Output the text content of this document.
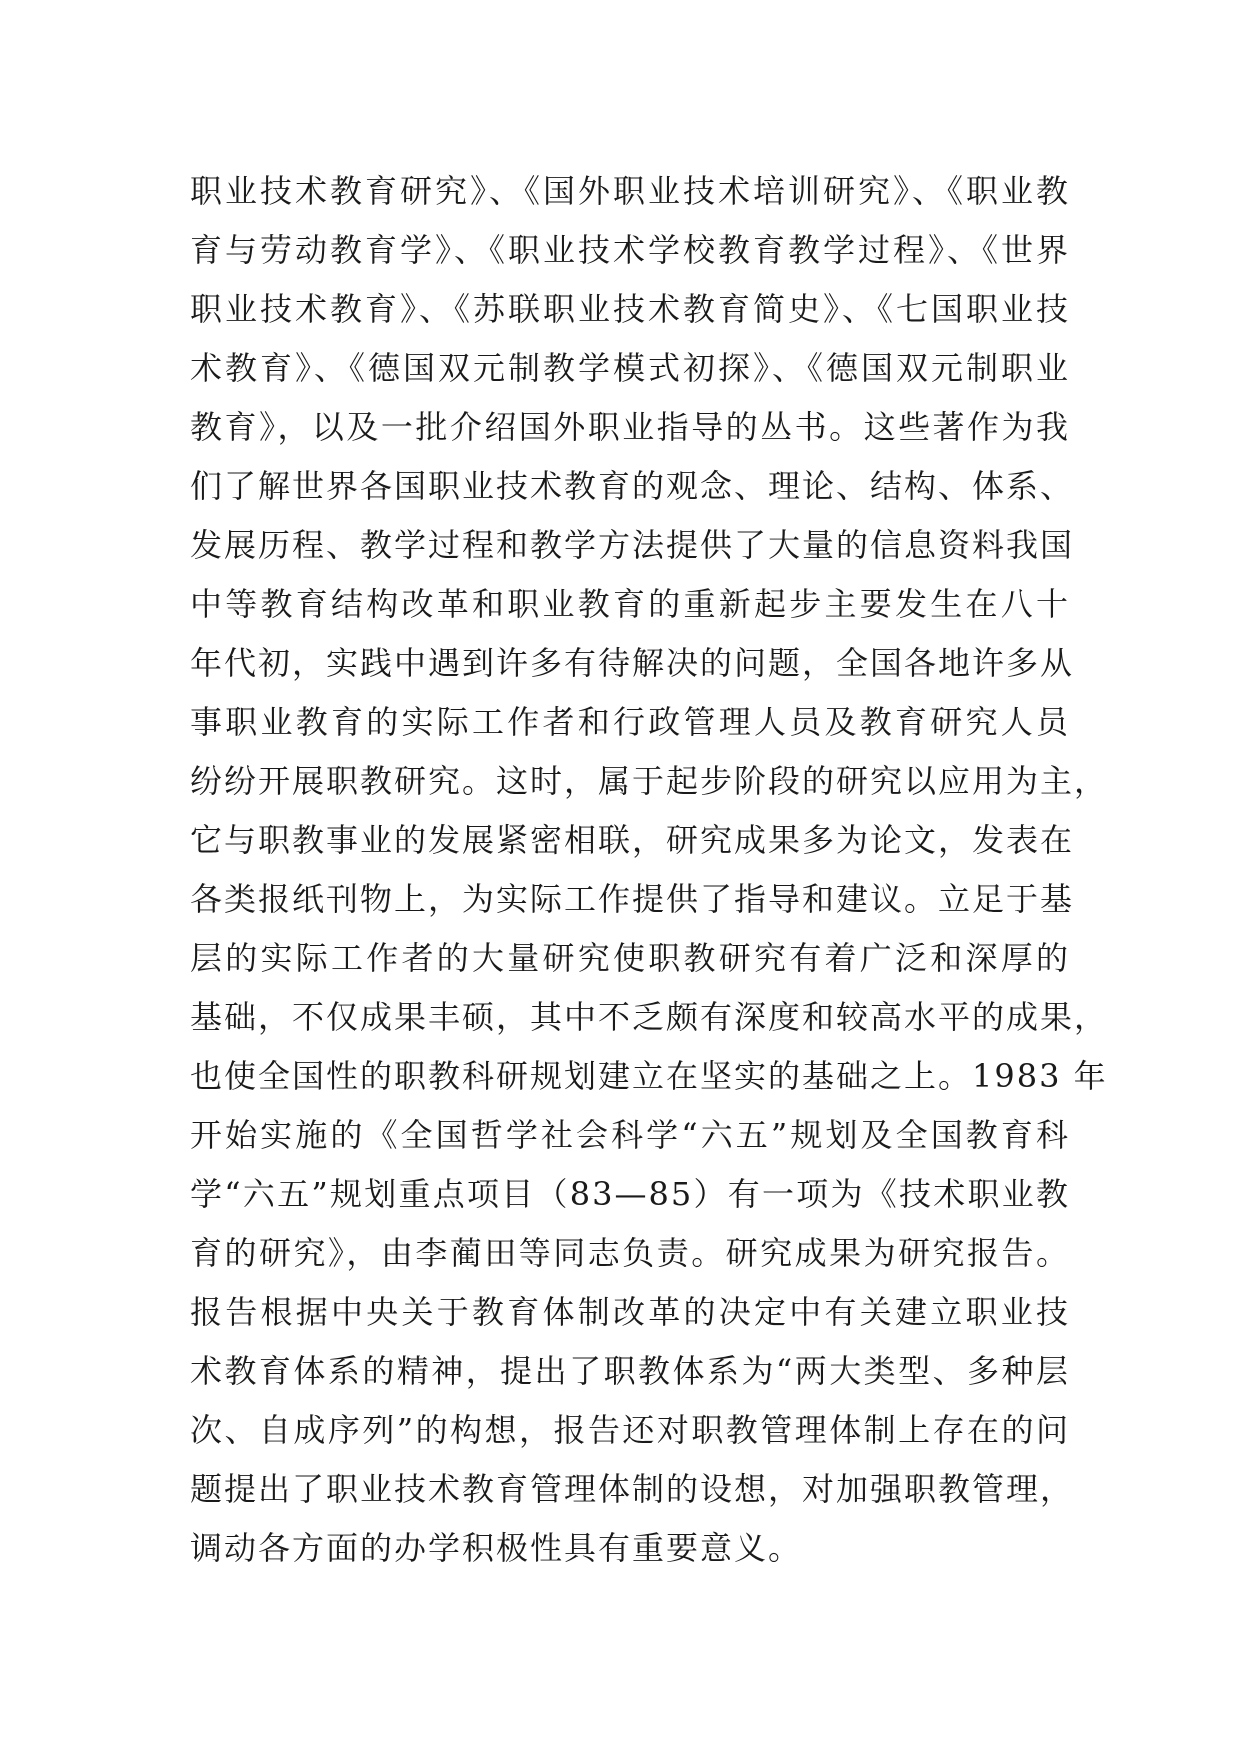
职业技术教育研究》、《国外职业技术培训研究》、《职业教
育与劳动教育学》、《职业技术学校教育教学过程》、《世界
职业技术教育》、《苏联职业技术教育简史》、《七国职业技
术教育》、《德国双元制教学模式初探》、《德国双元制职业
教育》，以及一批介绍国外职业指导的丛书。这些著作为我
们了解世界各国职业技术教育的观念、理论、结构、体系、
发展历程、教学过程和教学方法提供了大量的信息资料我国
中等教育结构改革和职业教育的重新起步主要发生在八十
年代初，实践中遇到许多有待解决的问题，全国各地许多从
事职业教育的实际工作者和行政管理人员及教育研究人员
纷纷开展职教研究。这时，属于起步阶段的研究以应用为主，
它与职教事业的发展紧密相联，研究成果多为论文，发表在
各类报纸刊物上，为实际工作提供了指导和建议。立足于基
层的实际工作者的大量研究使职教研究有着广泛和深厚的
基础，不仅成果丰硕，其中不乏颇有深度和较高水平的成果，
也使全国性的职教科研规划建立在坚实的基础之上。1983 年
开始实施的《全国哲学社会科学“六五”规划及全国教育科
学“六五”规划重点项目（83—85）有一项为《技术职业教
育的研究》，由李蔺田等同志负责。研究成果为研究报告。
报告根据中央关于教育体制改革的决定中有关建立职业技
术教育体系的精神，提出了职教体系为“两大类型、多种层
次、自成序列”的构想，报告还对职教管理体制上存在的问
题提出了职业技术教育管理体制的设想，对加强职教管理，
调动各方面的办学积极性具有重要意义。
